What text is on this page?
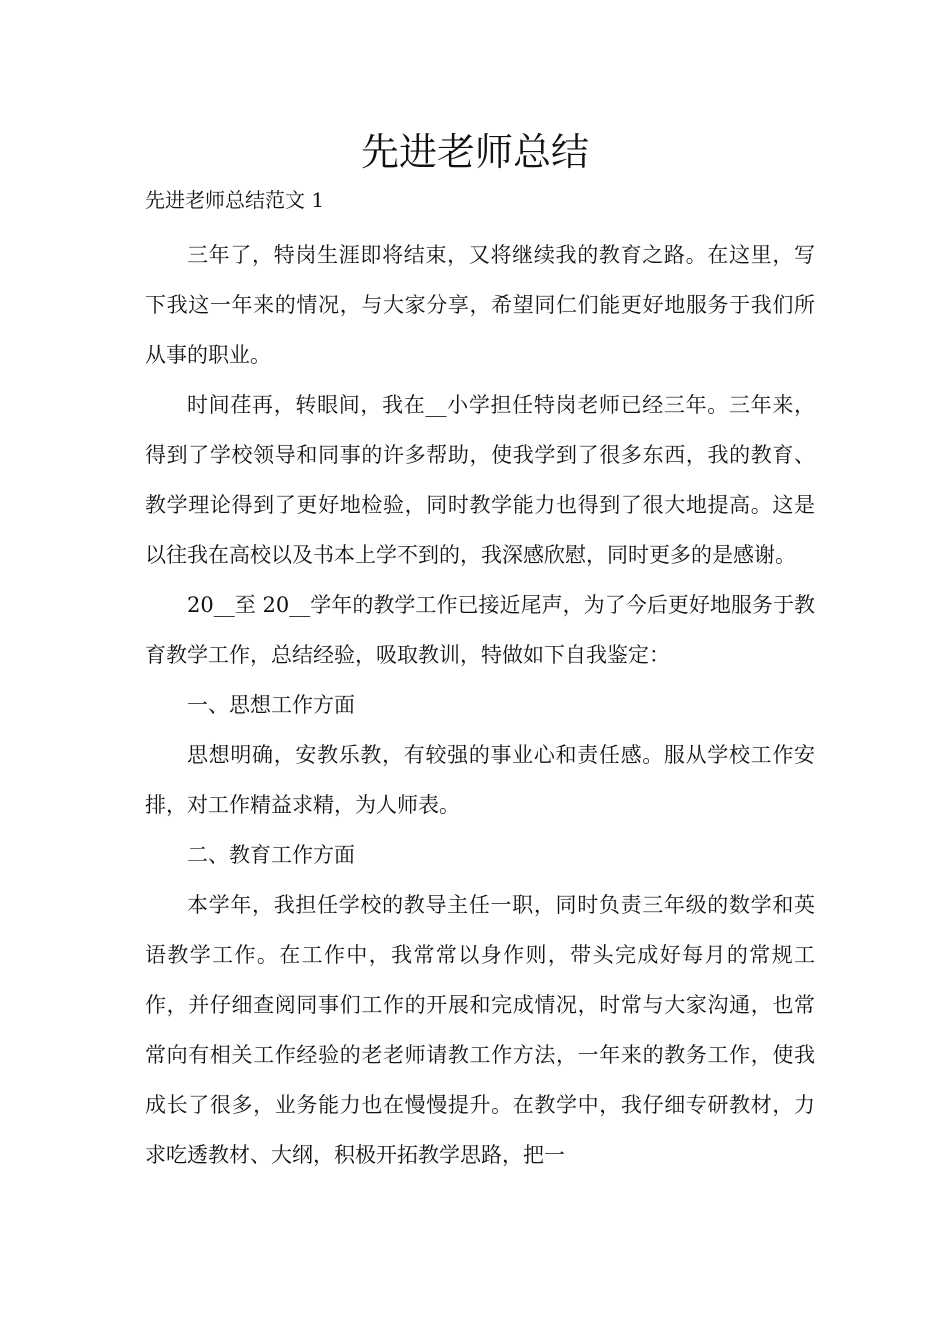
先进老师总结

先进老师总结范文 1

三年了，特岗生涯即将结束，又将继续我的教育之路。在这里，写下我这一年来的情况，与大家分享，希望同仁们能更好地服务于我们所从事的职业。

时间荏再，转眼间，我在__小学担任特岗老师已经三年。三年来，得到了学校领导和同事的许多帮助，使我学到了很多东西，我的教育、教学理论得到了更好地检验，同时教学能力也得到了很大地提高。这是以往我在高校以及书本上学不到的，我深感欣慰，同时更多的是感谢。

20__至 20__学年的教学工作已接近尾声，为了今后更好地服务于教育教学工作，总结经验，吸取教训，特做如下自我鉴定：

一、思想工作方面

思想明确，安教乐教，有较强的事业心和责任感。服从学校工作安排，对工作精益求精，为人师表。

二、教育工作方面

本学年，我担任学校的教导主任一职，同时负责三年级的数学和英语教学工作。在工作中，我常常以身作则，带头完成好每月的常规工作，并仔细查阅同事们工作的开展和完成情况，时常与大家沟通，也常常向有相关工作经验的老老师请教工作方法，一年来的教务工作，使我成长了很多，业务能力也在慢慢提升。在教学中，我仔细专研教材，力求吃透教材、大纲，积极开拓教学思路，把一
